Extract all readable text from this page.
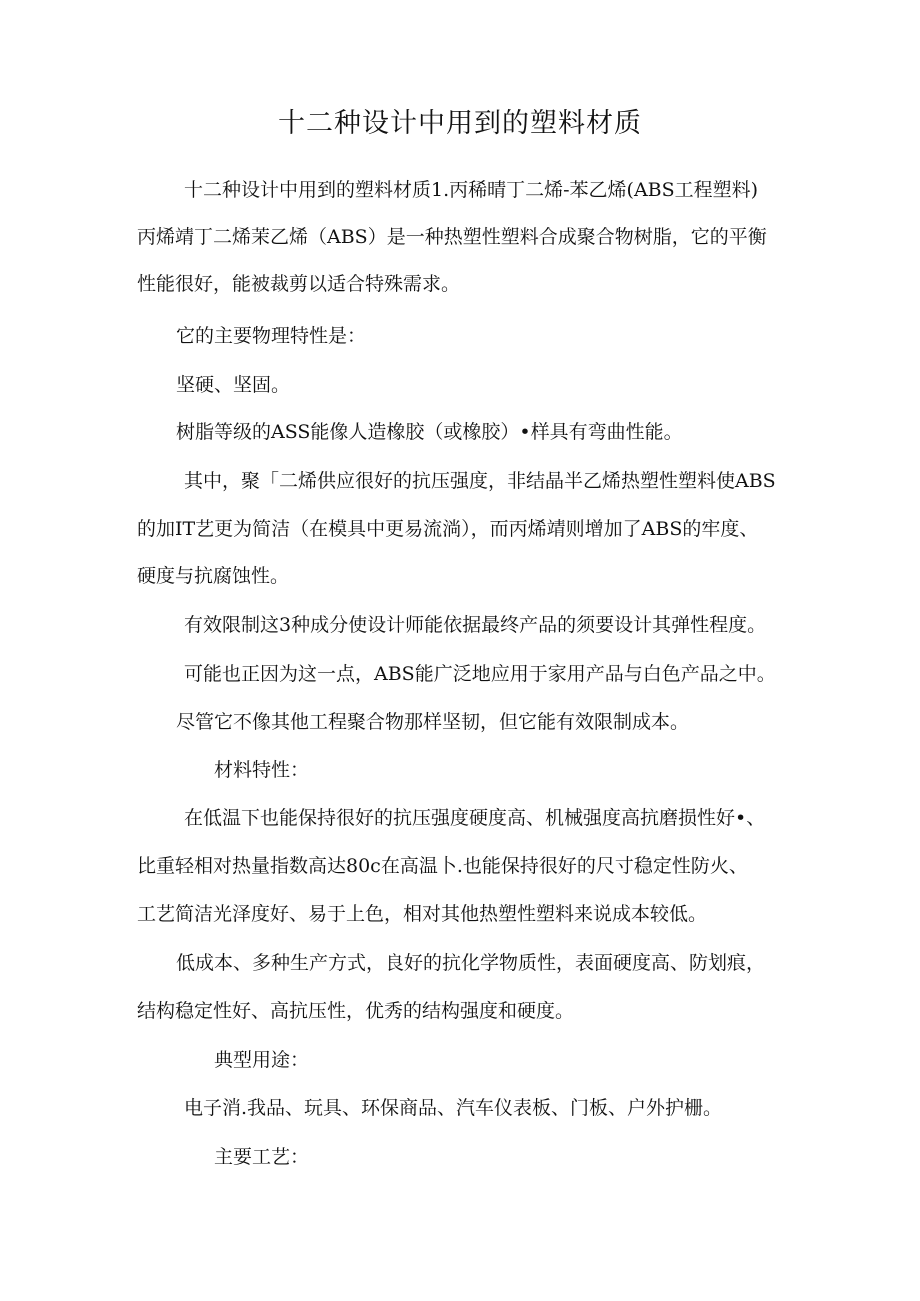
十二种设计中用到的塑料材质
十二种设计中用到的塑料材质1.丙稀晴丁二烯-苯乙烯(ABS工程塑料)
丙烯靖丁二烯茉乙烯（ABS）是一种热塑性塑料合成聚合物树脂，它的平衡
性能很好，能被裁剪以适合特殊需求。
它的主要物理特性是：
坚硬、坚固。
树脂等级的ASS能像人造橡胶（或橡胶）•样具有弯曲性能。
其中，聚「二烯供应很好的抗压强度，非结晶半乙烯热塑性塑料使ABS
的加IT艺更为简洁（在模具中更易流淌），而丙烯靖则增加了ABS的牢度、
硬度与抗腐蚀性。
有效限制这3种成分使设计师能依据最终产品的须要设计其弹性程度。
可能也正因为这一点，ABS能广泛地应用于家用产品与白色产品之中。
尽管它不像其他工程聚合物那样坚韧，但它能有效限制成本。
材料特性：
在低温下也能保持很好的抗压强度硬度高、机械强度高抗磨损性好•、
比重轻相对热量指数高达80c在高温卜.也能保持很好的尺寸稳定性防火、
工艺简洁光泽度好、易于上色，相对其他热塑性塑料来说成本较低。
低成本、多种生产方式，良好的抗化学物质性，表面硬度高、防划痕，
结构稳定性好、高抗压性，优秀的结构强度和硬度。
典型用途：
电子消.我品、玩具、环保商品、汽车仪表板、门板、户外护栅。
主要工艺：
